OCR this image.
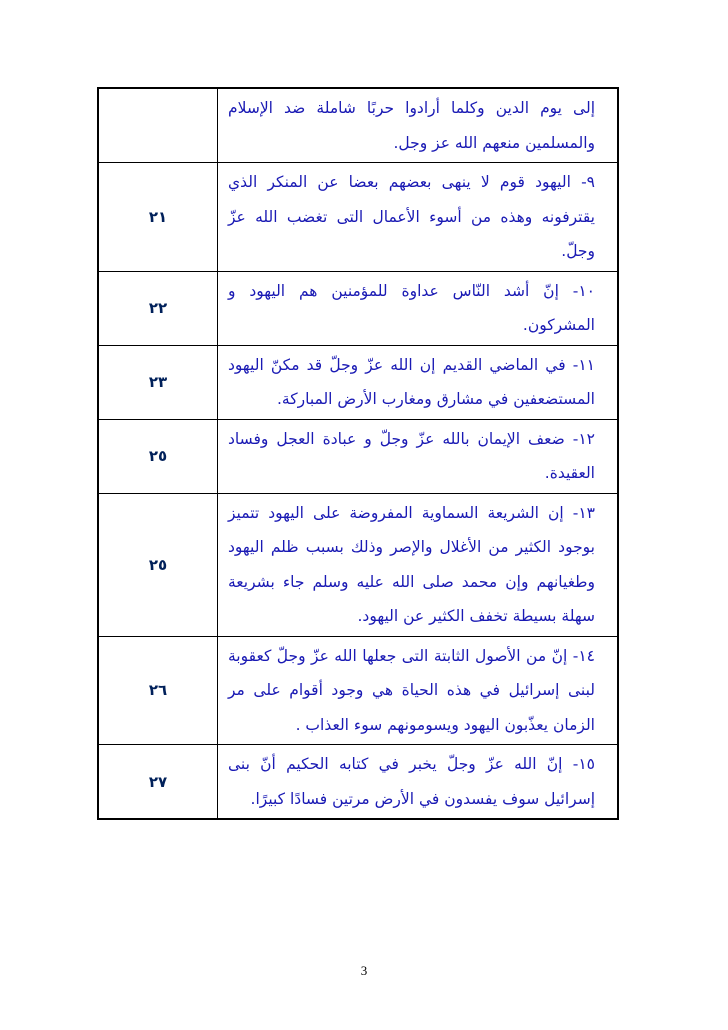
	إلى يوم الدين وكلما أرادوا حربًا شاملة ضد الإسلام والمسلمين منعهم الله عز وجل.

٢١	٩- اليهود قوم لا ينهى بعضهم بعضا عن المنكر الذي يقترفونه وهذه من أسوء الأعمال التى تغضب الله عزّ وجلّ.

٢٢	١٠- إنّ أشد النّاس عداوة للمؤمنين هم اليهود و المشركون.

٢٣	١١- في الماضي القديم إن الله عزّ وجلّ قد مكنّ اليهود المستضعفين في مشارق ومغارب الأرض المباركة.

٢٥	١٢- ضعف الإيمان بالله عزّ وجلّ و عبادة العجل وفساد العقيدة.

٢٥	١٣- إن الشريعة السماوية المفروضة على اليهود تتميز بوجود الكثير من الأغلال والإصر وذلك بسبب ظلم اليهود وطغيانهم وإن محمد صلى الله عليه وسلم جاء بشريعة سهلة بسيطة تخفف الكثير عن اليهود.

٢٦	١٤- إنّ من الأصول الثابتة التى جعلها الله عزّ وجلّ كعقوبة لبنى إسرائيل في هذه الحياة هي وجود أقوام على مر الزمان يعذّبون اليهود ويسومونهم سوء العذاب .

٢٧	١٥- إنّ الله عزّ وجلّ يخبر في كتابه الحكيم أنّ بنى إسرائيل سوف يفسدون في الأرض مرتين فسادًا كبيرًا.
3
